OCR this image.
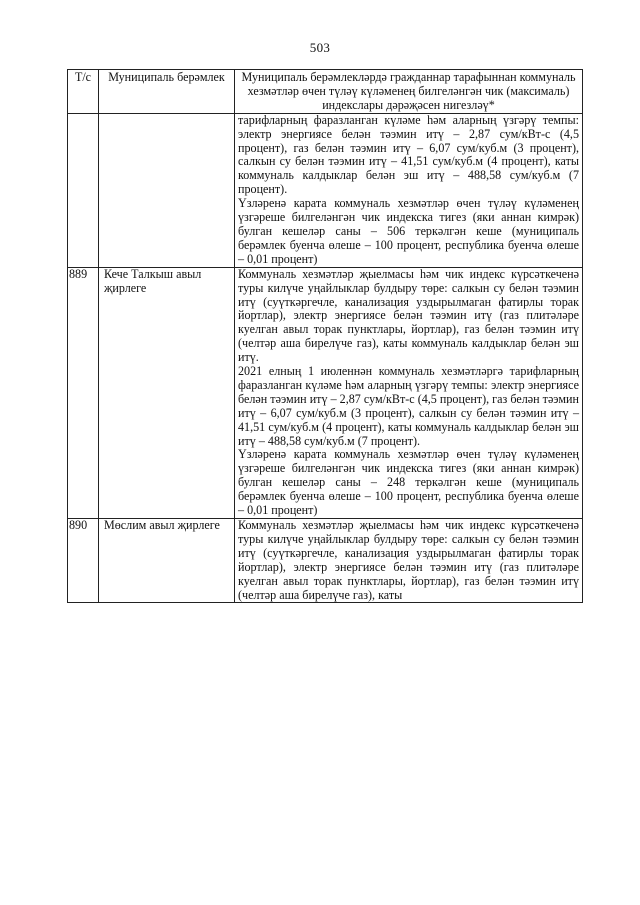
503
Т/с	Муниципаль берәмлек	Муниципаль берәмлекләрдә гражданнар тарафыннан коммуналь хезмәтләр өчен түләү күләменең билгеләнгән чик (максималь) индекслары дәрәҗәсен нигезләү*

		тарифларның фаразланган күләме һәм аларның үзгәрү темпы: электр энергиясе белән тәэмин итү – 2,87 сум/кВт-с (4,5 процент), газ белән тәэмин итү – 6,07 сум/куб.м (3 процент), салкын су белән тәэмин итү – 41,51 сум/куб.м (4 процент), каты коммуналь калдыклар белән эш итү – 488,58 сум/куб.м (7 процент).

Үзләренә карата коммуналь хезмәтләр өчен түләү күләменең үзгәреше билгеләнгән чик индекска тигез (яки аннан кимрәк) булган кешеләр саны – 506 теркәлгән кеше (муниципаль берәмлек буенча өлеше – 100 процент, республика буенча өлеше – 0,01 процент)

889	Кече Талкыш авыл җирлеге	Коммуналь хезмәтләр җыелмасы һәм чик индекс күрсәткеченә туры килүче уңайлыклар булдыру төре: салкын су белән тәэмин итү (суүткәргечле, канализация уздырылмаган фатирлы торак йортлар), электр энергиясе белән тәэмин итү (газ плитәләре куелган авыл торак пунктлары, йортлар), газ белән тәэмин итү (челтәр аша бирелүче газ), каты коммуналь калдыклар белән эш итү.

2021 елның 1 июленнән коммуналь хезмәтләргә тарифларның фаразланган күләме һәм аларның үзгәрү темпы: электр энергиясе белән тәэмин итү – 2,87 сум/кВт-с (4,5 процент), газ белән тәэмин итү – 6,07 сум/куб.м (3 процент), салкын су белән тәэмин итү – 41,51 сум/куб.м (4 процент), каты коммуналь калдыклар белән эш итү – 488,58 сум/куб.м (7 процент).

Үзләренә карата коммуналь хезмәтләр өчен түләү күләменең үзгәреше билгеләнгән чик индекска тигез (яки аннан кимрәк) булган кешеләр саны – 248 теркәлгән кеше (муниципаль берәмлек буенча өлеше – 100 процент, республика буенча өлеше – 0,01 процент)

890	Мөслим авыл җирлеге	Коммуналь хезмәтләр җыелмасы һәм чик индекс күрсәткеченә туры килүче уңайлыклар булдыру төре: салкын су белән тәэмин итү (суүткәргечле, канализация уздырылмаган фатирлы торак йортлар), электр энергиясе белән тәэмин итү (газ плитәләре куелган авыл торак пунктлары, йортлар), газ белән тәэмин итү (челтәр аша бирелүче газ), каты
